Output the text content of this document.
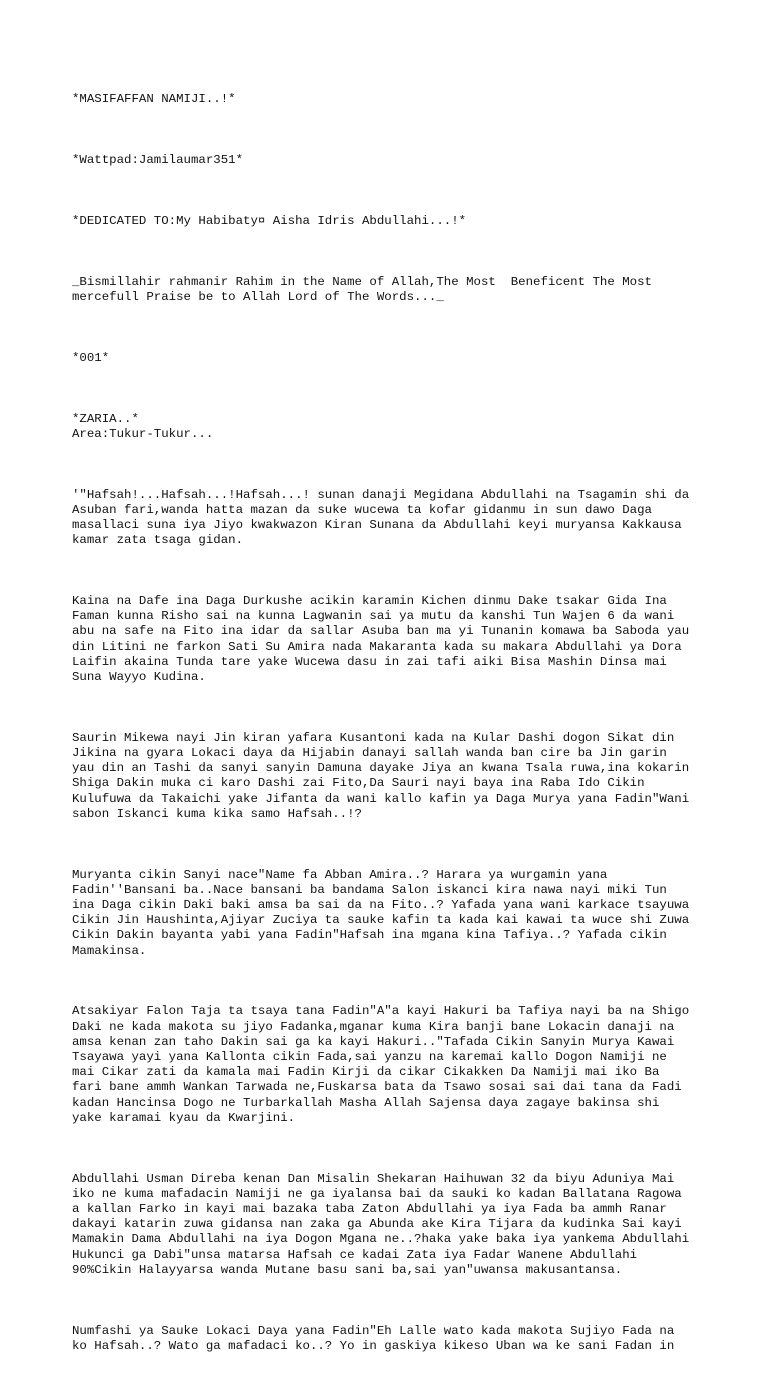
*MASIFAFFAN NAMIJI..!*

*Wattpad:Jamilaumar351*

*DEDICATED TO:My Habibaty¤ Aisha Idris Abdullahi...!*

_Bismillahir rahmanir Rahim in the Name of Allah,The Most  Beneficent The Most
mercefull Praise be to Allah Lord of The Words..._

*001*

*ZARIA..*
Area:Tukur-Tukur...

'"Hafsah!...Hafsah...!Hafsah...! sunan danaji Megidana Abdullahi na Tsagamin shi da
Asuban fari,wanda hatta mazan da suke wucewa ta kofar gidanmu in sun dawo Daga
masallaci suna iya Jiyo kwakwazon Kiran Sunana da Abdullahi keyi muryansa Kakkausa
kamar zata tsaga gidan.

Kaina na Dafe ina Daga Durkushe acikin karamin Kichen dinmu Dake tsakar Gida Ina
Faman kunna Risho sai na kunna Lagwanin sai ya mutu da kanshi Tun Wajen 6 da wani
abu na safe na Fito ina idar da sallar Asuba ban ma yi Tunanin komawa ba Saboda yau
din Litini ne farkon Sati Su Amira nada Makaranta kada su makara Abdullahi ya Dora
Laifin akaina Tunda tare yake Wucewa dasu in zai tafi aiki Bisa Mashin Dinsa mai
Suna Wayyo Kudina.

Saurin Mikewa nayi Jin kiran yafara Kusantoni kada na Kular Dashi dogon Sikat din
Jikina na gyara Lokaci daya da Hijabin danayi sallah wanda ban cire ba Jin garin
yau din an Tashi da sanyi sanyin Damuna dayake Jiya an kwana Tsala ruwa,ina kokarin
Shiga Dakin muka ci karo Dashi zai Fito,Da Sauri nayi baya ina Raba Ido Cikin
Kulufuwa da Takaichi yake Jifanta da wani kallo kafin ya Daga Murya yana Fadin"Wani
sabon Iskanci kuma kika samo Hafsah..!?

Muryanta cikin Sanyi nace"Name fa Abban Amira..? Harara ya wurgamin yana
Fadin''Bansani ba..Nace bansani ba bandama Salon iskanci kira nawa nayi miki Tun
ina Daga cikin Daki baki amsa ba sai da na Fito..? Yafada yana wani karkace tsayuwa
Cikin Jin Haushinta,Ajiyar Zuciya ta sauke kafin ta kada kai kawai ta wuce shi Zuwa
Cikin Dakin bayanta yabi yana Fadin"Hafsah ina mgana kina Tafiya..? Yafada cikin
Mamakinsa.

Atsakiyar Falon Taja ta tsaya tana Fadin"A"a kayi Hakuri ba Tafiya nayi ba na Shigo
Daki ne kada makota su jiyo Fadanka,mganar kuma Kira banji bane Lokacin danaji na
amsa kenan zan taho Dakin sai ga ka kayi Hakuri.."Tafada Cikin Sanyin Murya Kawai
Tsayawa yayi yana Kallonta cikin Fada,sai yanzu na karemai kallo Dogon Namiji ne
mai Cikar zati da kamala mai Fadin Kirji da cikar Cikakken Da Namiji mai iko Ba
fari bane ammh Wankan Tarwada ne,Fuskarsa bata da Tsawo sosai sai dai tana da Fadi
kadan Hancinsa Dogo ne Turbarkallah Masha Allah Sajensa daya zagaye bakinsa shi
yake karamai kyau da Kwarjini.

Abdullahi Usman Direba kenan Dan Misalin Shekaran Haihuwan 32 da biyu Aduniya Mai
iko ne kuma mafadacin Namiji ne ga iyalansa bai da sauki ko kadan Ballatana Ragowa
a kallan Farko in kayi mai bazaka taba Zaton Abdullahi ya iya Fada ba ammh Ranar
dakayi katarin zuwa gidansa nan zaka ga Abunda ake Kira Tijara da kudinka Sai kayi
Mamakin Dama Abdullahi na iya Dogon Mgana ne..?haka yake baka iya yankema Abdullahi
Hukunci ga Dabi"unsa matarsa Hafsah ce kadai Zata iya Fadar Wanene Abdullahi
90%Cikin Halayyarsa wanda Mutane basu sani ba,sai yan"uwansa makusantansa.

Numfashi ya Sauke Lokaci Daya yana Fadin"Eh Lalle wato kada makota Sujiyo Fada na
ko Hafsah..? Wato ga mafadaci ko..? Yo in gaskiya kikeso Uban wa ke sani Fadan in
